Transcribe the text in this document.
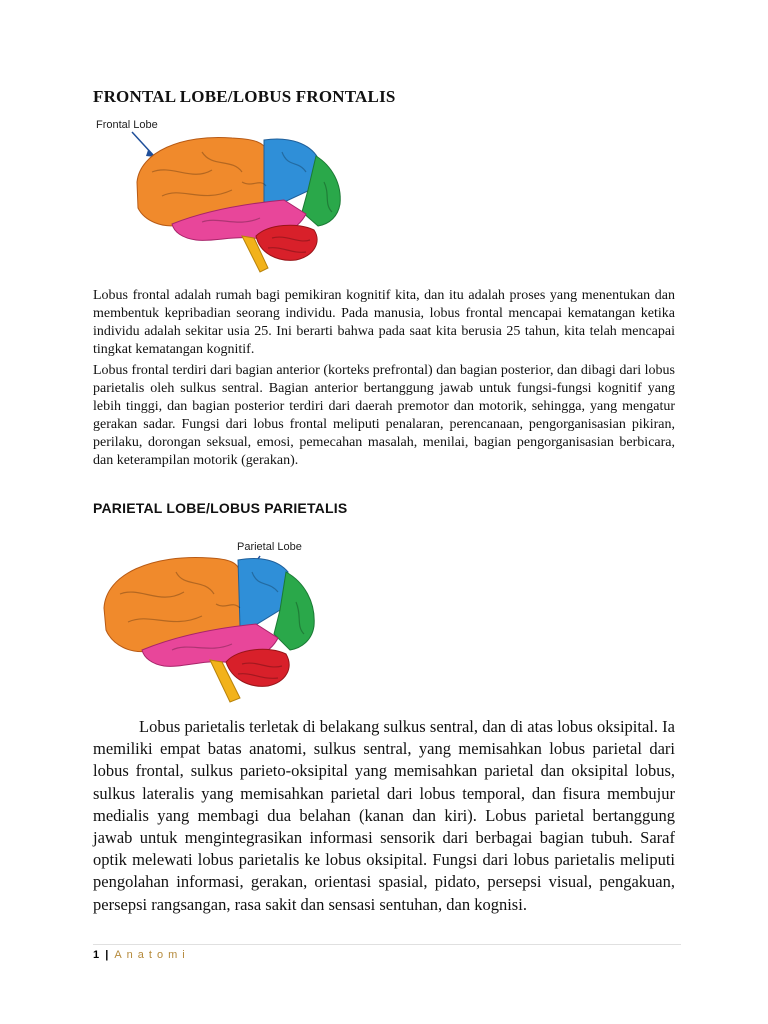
FRONTAL LOBE/LOBUS FRONTALIS
Frontal Lobe

Lobus frontal adalah rumah bagi pemikiran kognitif kita, dan itu adalah proses yang menentukan dan membentuk kepribadian seorang individu. Pada manusia, lobus frontal mencapai kematangan ketika individu adalah sekitar usia 25. Ini berarti bahwa pada saat kita berusia 25 tahun, kita telah mencapai tingkat kematangan kognitif.

Lobus frontal terdiri dari bagian anterior (korteks prefrontal) dan bagian posterior, dan dibagi dari lobus parietalis oleh sulkus sentral. Bagian anterior bertanggung jawab untuk fungsi-fungsi kognitif yang lebih tinggi, dan bagian posterior terdiri dari daerah premotor dan motorik, sehingga, yang mengatur gerakan sadar. Fungsi dari lobus frontal meliputi penalaran, perencanaan, pengorganisasian pikiran, perilaku, dorongan seksual, emosi, pemecahan masalah, menilai, bagian pengorganisasian berbicara, dan keterampilan motorik (gerakan).

PARIETAL LOBE/LOBUS PARIETALIS
Parietal Lobe

Lobus parietalis terletak di belakang sulkus sentral, dan di atas lobus oksipital. Ia memiliki empat batas anatomi, sulkus sentral, yang memisahkan lobus parietal dari lobus frontal, sulkus parieto-oksipital yang memisahkan parietal dan oksipital lobus, sulkus lateralis yang memisahkan parietal dari lobus temporal, dan fisura membujur medialis yang membagi dua belahan (kanan dan kiri). Lobus parietal bertanggung jawab untuk mengintegrasikan informasi sensorik dari berbagai bagian tubuh. Saraf optik melewati lobus parietalis ke lobus oksipital. Fungsi dari lobus parietalis meliputi pengolahan informasi, gerakan, orientasi spasial, pidato, persepsi visual, pengakuan, persepsi rangsangan, rasa sakit dan sensasi sentuhan, dan kognisi.

1 | Anatomi
